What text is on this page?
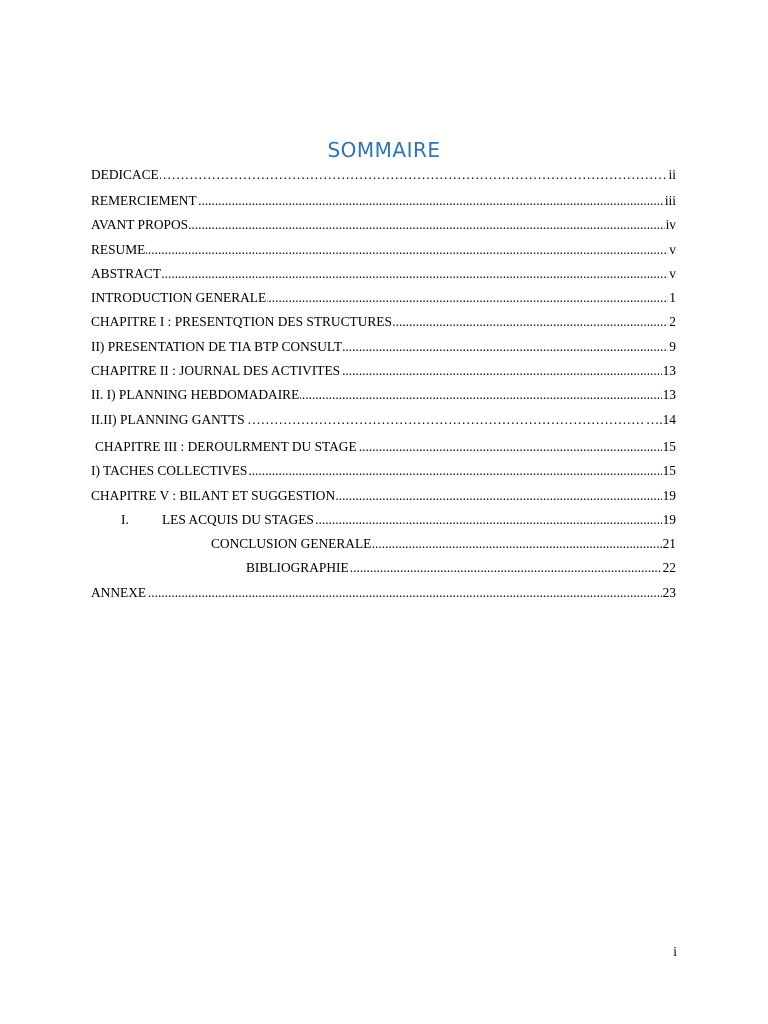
SOMMAIRE
……………………………………………………………………………………………………………………………………………
DEDICACE	ii
.....
REMERCIEMENT	iii
.....
AVANT PROPOS	iv
.....
RESUME	v
.....
ABSTRACT	v
.....
INTRODUCTION GENERALE	1
.....
CHAPITRE I : PRESENTQTION DES STRUCTURES	2
.....
II) PRESENTATION DE TIA BTP CONSULT	9
.....
CHAPITRE II : JOURNAL DES ACTIVITES	13
.....
II. I) PLANNING HEBDOMADAIRE	13
……………………………………………………………………………………………………………………………………………
II.II) PLANNING GANTTS	….14
.....
CHAPITRE III : DEROULRMENT DU STAGE	15
.....
I) TACHES COLLECTIVES	15
.....
CHAPITRE V : BILANT ET SUGGESTION	19
.....
I. LES ACQUIS DU STAGES	19
.....
CONCLUSION GENERALE	21
.....
BIBLIOGRAPHIE	22
.....
ANNEXE	23
i
